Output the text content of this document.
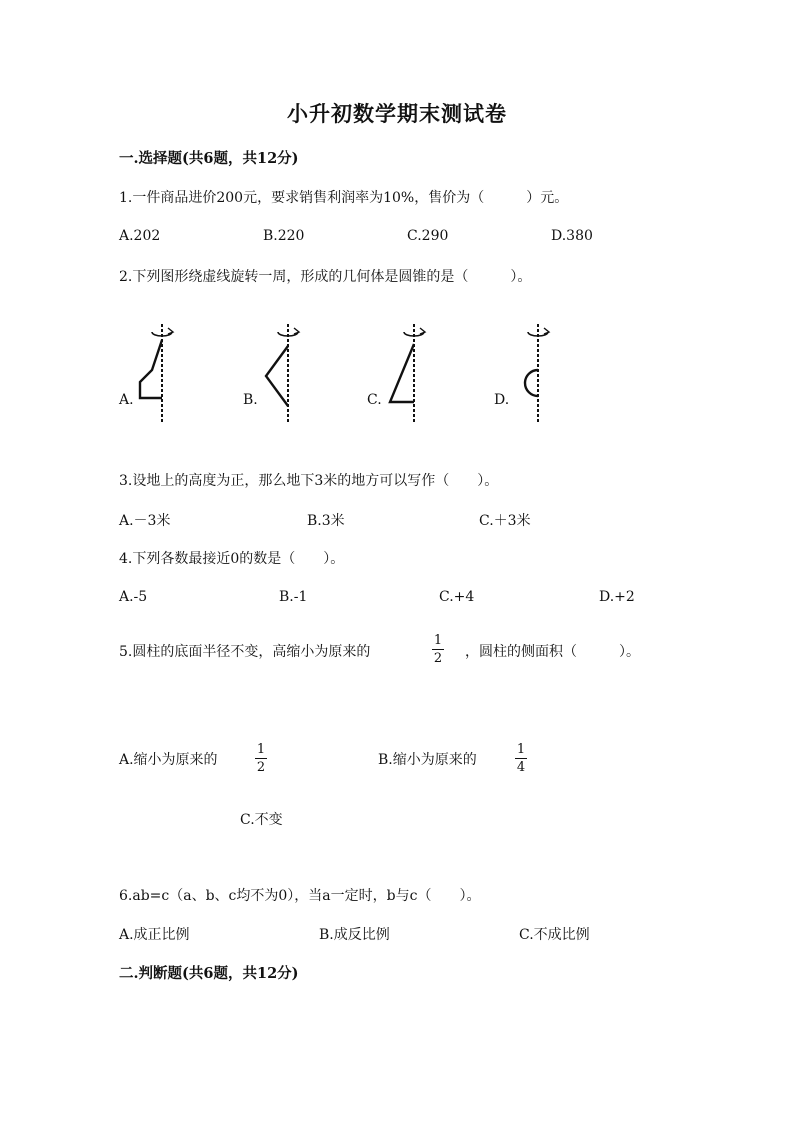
小升初数学期末测试卷
一.选择题(共6题，共12分)
1.一件商品进价200元，要求销售利润率为10%，售价为（　　　）元。
A.202	B.220	C.290	D.380
2.下列图形绕虚线旋转一周，形成的几何体是圆锥的是（　　　）。
A.	B.	C.	D.
3.设地上的高度为正，那么地下3米的地方可以写作（　　）。
A.－3米	B.3米	C.＋3米
4.下列各数最接近0的数是（　　）。
A.-5	B.-1	C.+4	D.+2
5.圆柱的底面半径不变，高缩小为原来的
1
2 ，圆柱的侧面积（　　　）。
A.缩小为原来的
1
2	B.缩小为原来的
1
4
C.不变
6.ab=c（a、b、c均不为0），当a一定时，b与c（　　）。
A.成正比例	B.成反比例	C.不成比例
二.判断题(共6题，共12分)
